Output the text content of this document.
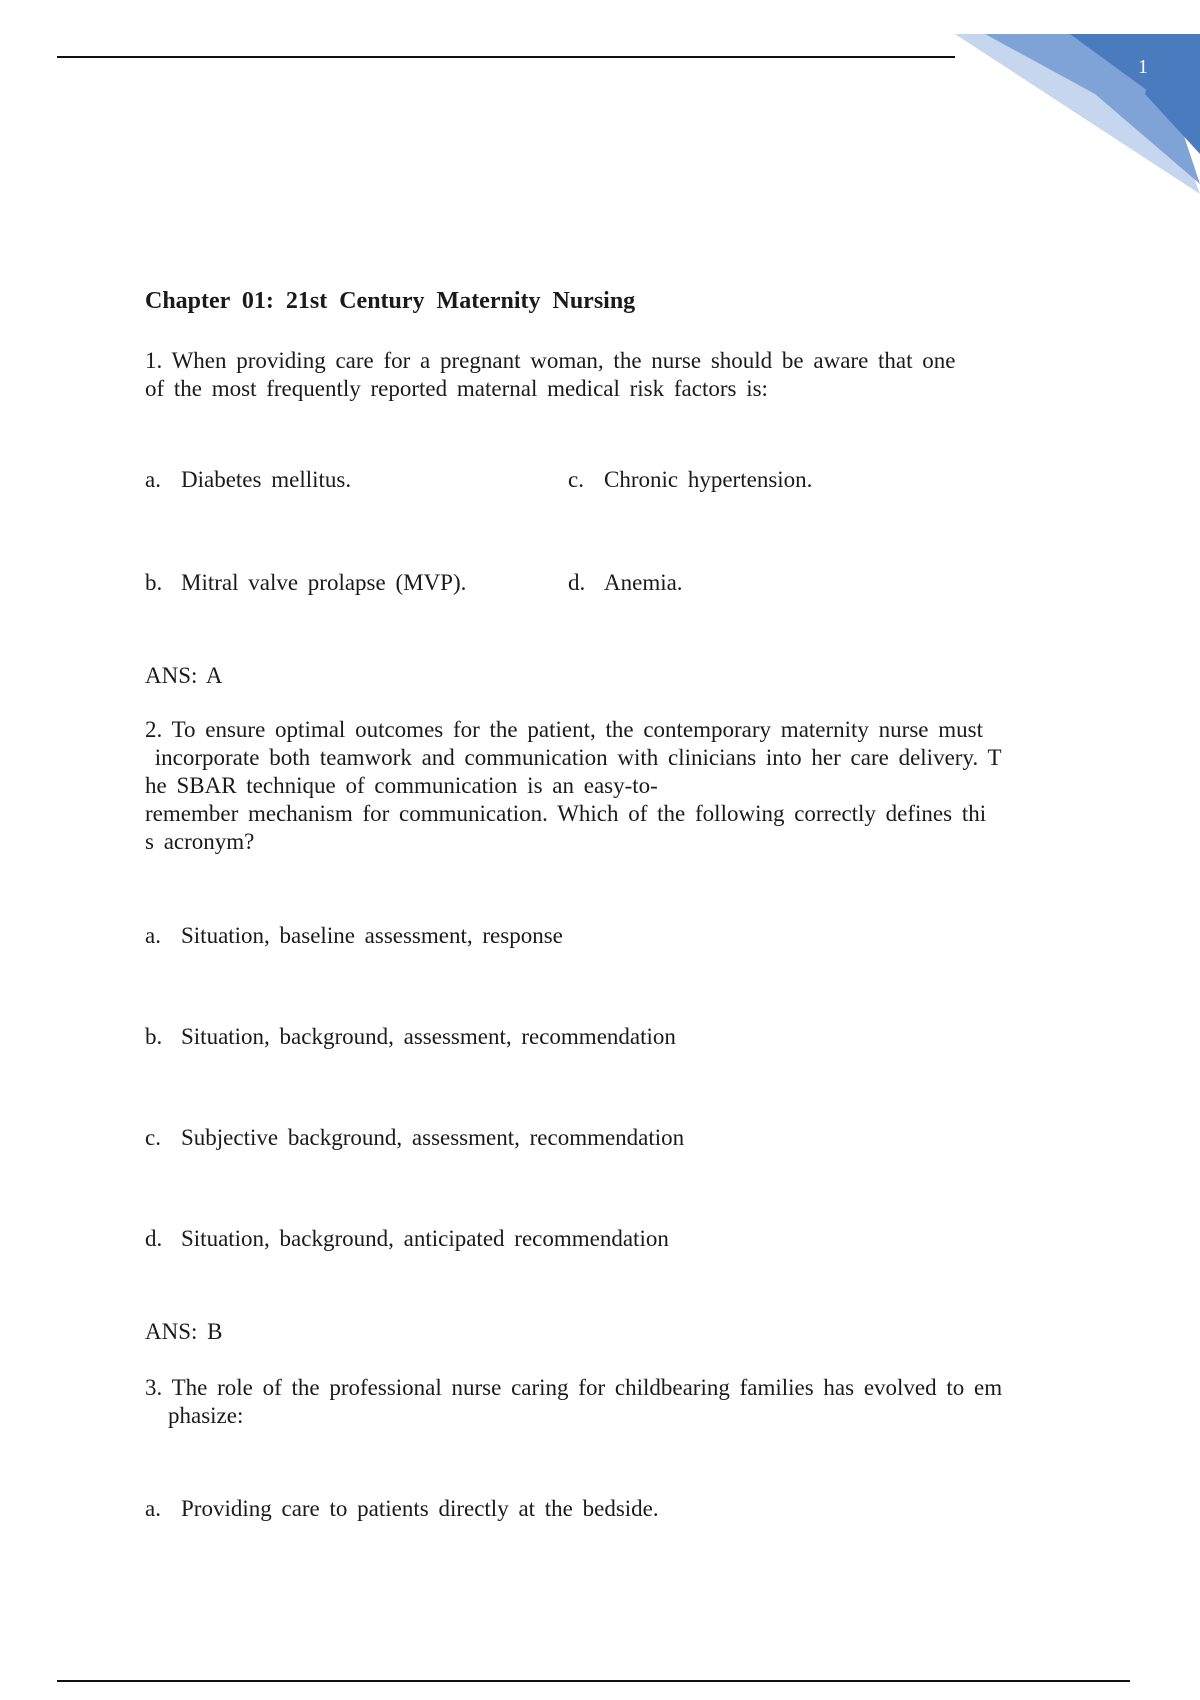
1
Chapter 01: 21st Century Maternity Nursing
1. When providing care for a pregnant woman, the nurse should be aware that one
of the most frequently reported maternal medical risk factors is:
a. Diabetes mellitus.	c. Chronic hypertension.
b. Mitral valve prolapse (MVP).	d. Anemia.
ANS: A
2. To ensure optimal outcomes for the patient, the contemporary maternity nurse must
incorporate both teamwork and communication with clinicians into her care delivery. T
he SBAR technique of communication is an easy-to-
remember mechanism for communication. Which of the following correctly defines thi
s acronym?
a. Situation, baseline assessment, response
b. Situation, background, assessment, recommendation
c. Subjective background, assessment, recommendation
d. Situation, background, anticipated recommendation
ANS: B
3. The role of the professional nurse caring for childbearing families has evolved to em
phasize:
a. Providing care to patients directly at the bedside.
